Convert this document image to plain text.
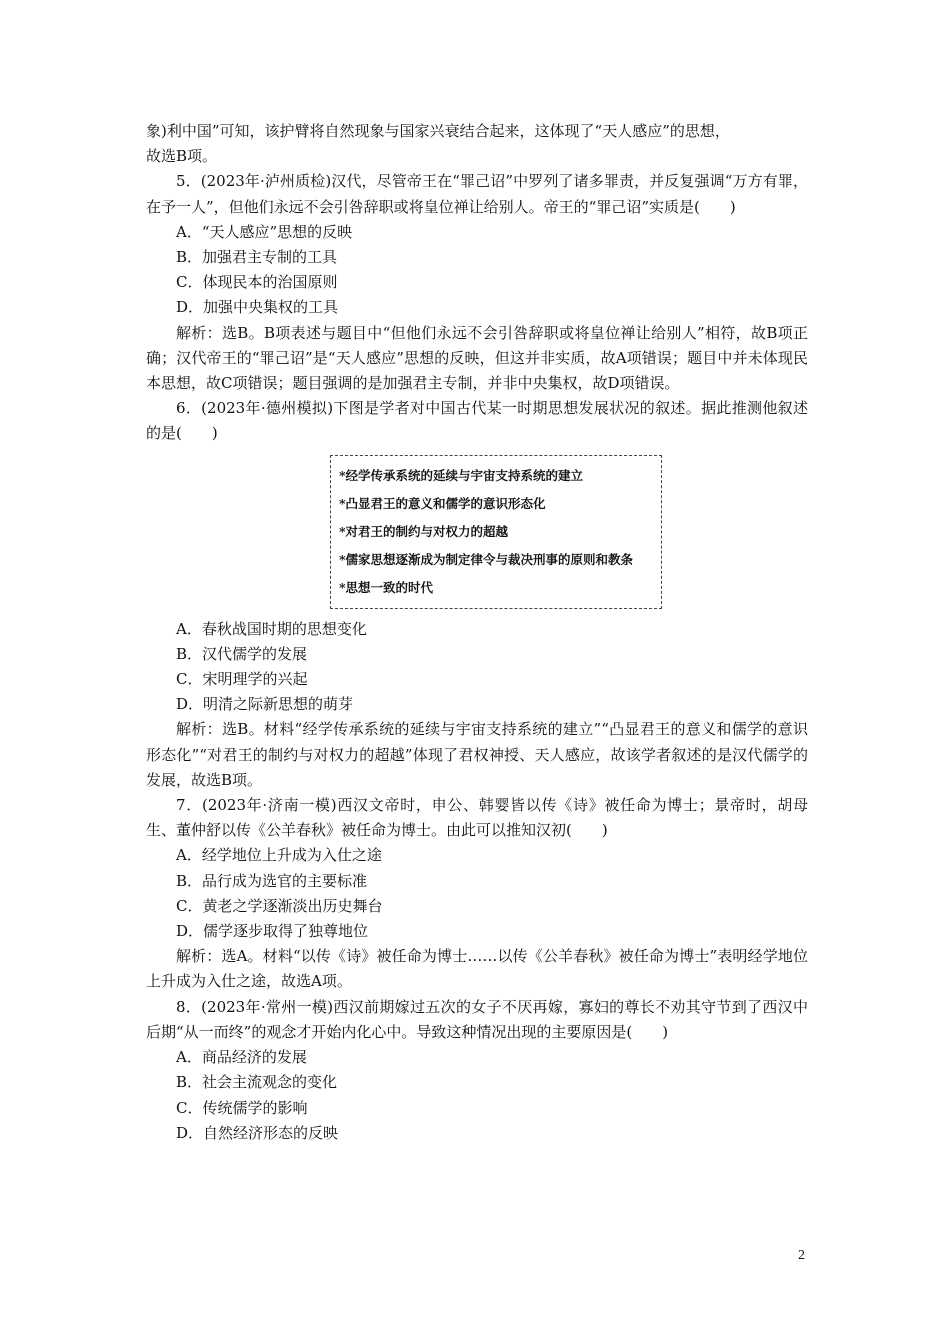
象)利中国”可知，该护臂将自然现象与国家兴衰结合起来，这体现了“天人感应”的思想，

故选B项。

5．(2023年·泸州质检)汉代，尽管帝王在“罪己诏”中罗列了诸多罪责，并反复强调“万方有罪，在予一人”，但他们永远不会引咎辞职或将皇位禅让给别人。帝王的“罪己诏”实质是(　　)

A．“天人感应”思想的反映

B．加强君主专制的工具

C．体现民本的治国原则

D．加强中央集权的工具

解析：选B。B项表述与题目中“但他们永远不会引咎辞职或将皇位禅让给别人”相符，故B项正确；汉代帝王的“罪己诏”是“天人感应”思想的反映，但这并非实质，故A项错误；题目中并未体现民本思想，故C项错误；题目强调的是加强君主专制，并非中央集权，故D项错误。

6．(2023年·德州模拟)下图是学者对中国古代某一时期思想发展状况的叙述。据此推测他叙述的是(　　)

*经学传承系统的延续与宇宙支持系统的建立
*凸显君王的意义和儒学的意识形态化
*对君王的制约与对权力的超越
*儒家思想逐渐成为制定律令与裁决刑事的原则和教条
*思想一致的时代

A．春秋战国时期的思想变化

B．汉代儒学的发展

C．宋明理学的兴起

D．明清之际新思想的萌芽

解析：选B。材料“经学传承系统的延续与宇宙支持系统的建立”“凸显君王的意义和儒学的意识形态化”“对君王的制约与对权力的超越”体现了君权神授、天人感应，故该学者叙述的是汉代儒学的发展，故选B项。

7．(2023年·济南一模)西汉文帝时，申公、韩婴皆以传《诗》被任命为博士；景帝时，胡母生、董仲舒以传《公羊春秋》被任命为博士。由此可以推知汉初(　　)

A．经学地位上升成为入仕之途

B．品行成为选官的主要标准

C．黄老之学逐渐淡出历史舞台

D．儒学逐步取得了独尊地位

解析：选A。材料“以传《诗》被任命为博士……以传《公羊春秋》被任命为博士”表明经学地位上升成为入仕之途，故选A项。

8．(2023年·常州一模)西汉前期嫁过五次的女子不厌再嫁，寡妇的尊长不劝其守节到了西汉中后期“从一而终”的观念才开始内化心中。导致这种情况出现的主要原因是(　　)

A．商品经济的发展

B．社会主流观念的变化

C．传统儒学的影响

D．自然经济形态的反映

2
